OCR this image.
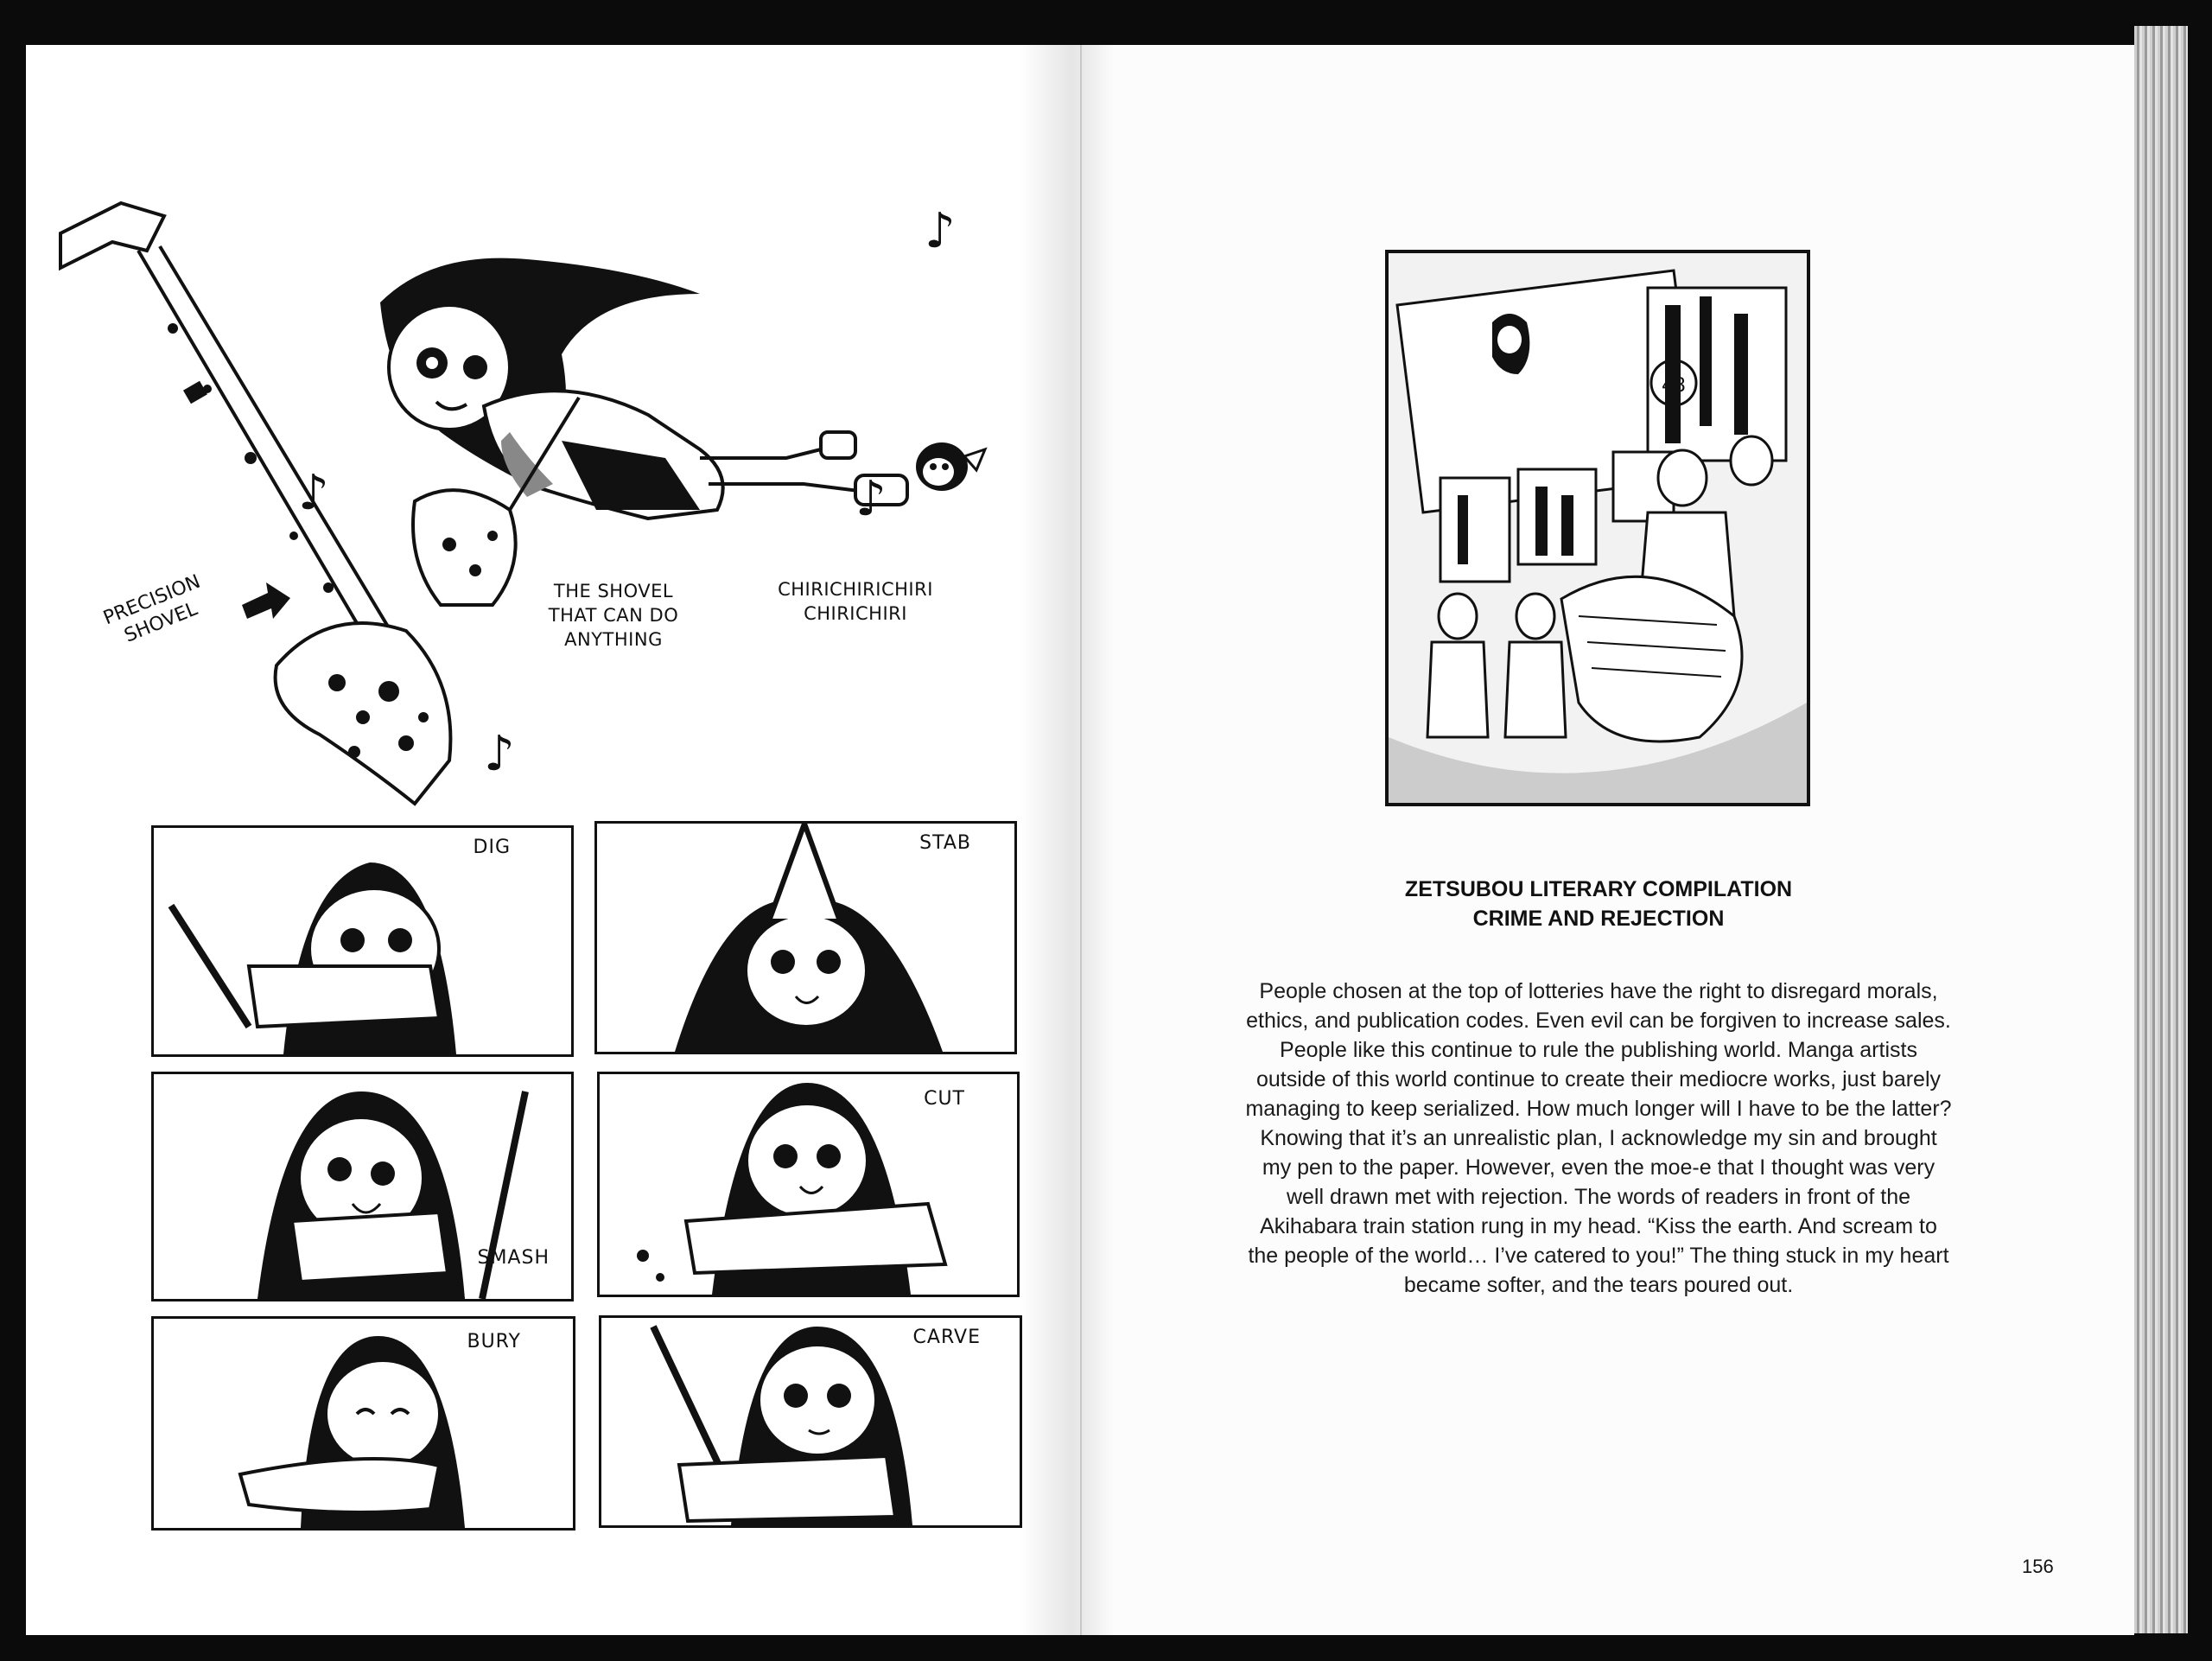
PRECISION
SHOVEL
THE SHOVEL
THAT CAN DO
ANYTHING
CHIRICHIRICHIRI
CHIRICHIRI
♪
♪	♪
♪
DIG	STAB
SMASH
CUT
BURY	CARVE
48
ZETSUBOU LITERARY COMPILATION
CRIME AND REJECTION
People chosen at the top of lotteries have the right to disregard morals, ethics, and publication codes. Even evil can be forgiven to increase sales. People like this continue to rule the publishing world. Manga artists outside of this world continue to create their mediocre works, just barely managing to keep serialized. How much longer will I have to be the latter? Knowing that it’s an unrealistic plan, I acknowledge my sin and brought my pen to the paper. However, even the moe-e that I thought was very well drawn met with rejection. The words of readers in front of the Akihabara train station rung in my head. “Kiss the earth. And scream to the people of the world… I’ve catered to you!” The thing stuck in my heart became softer, and the tears poured out.
156
